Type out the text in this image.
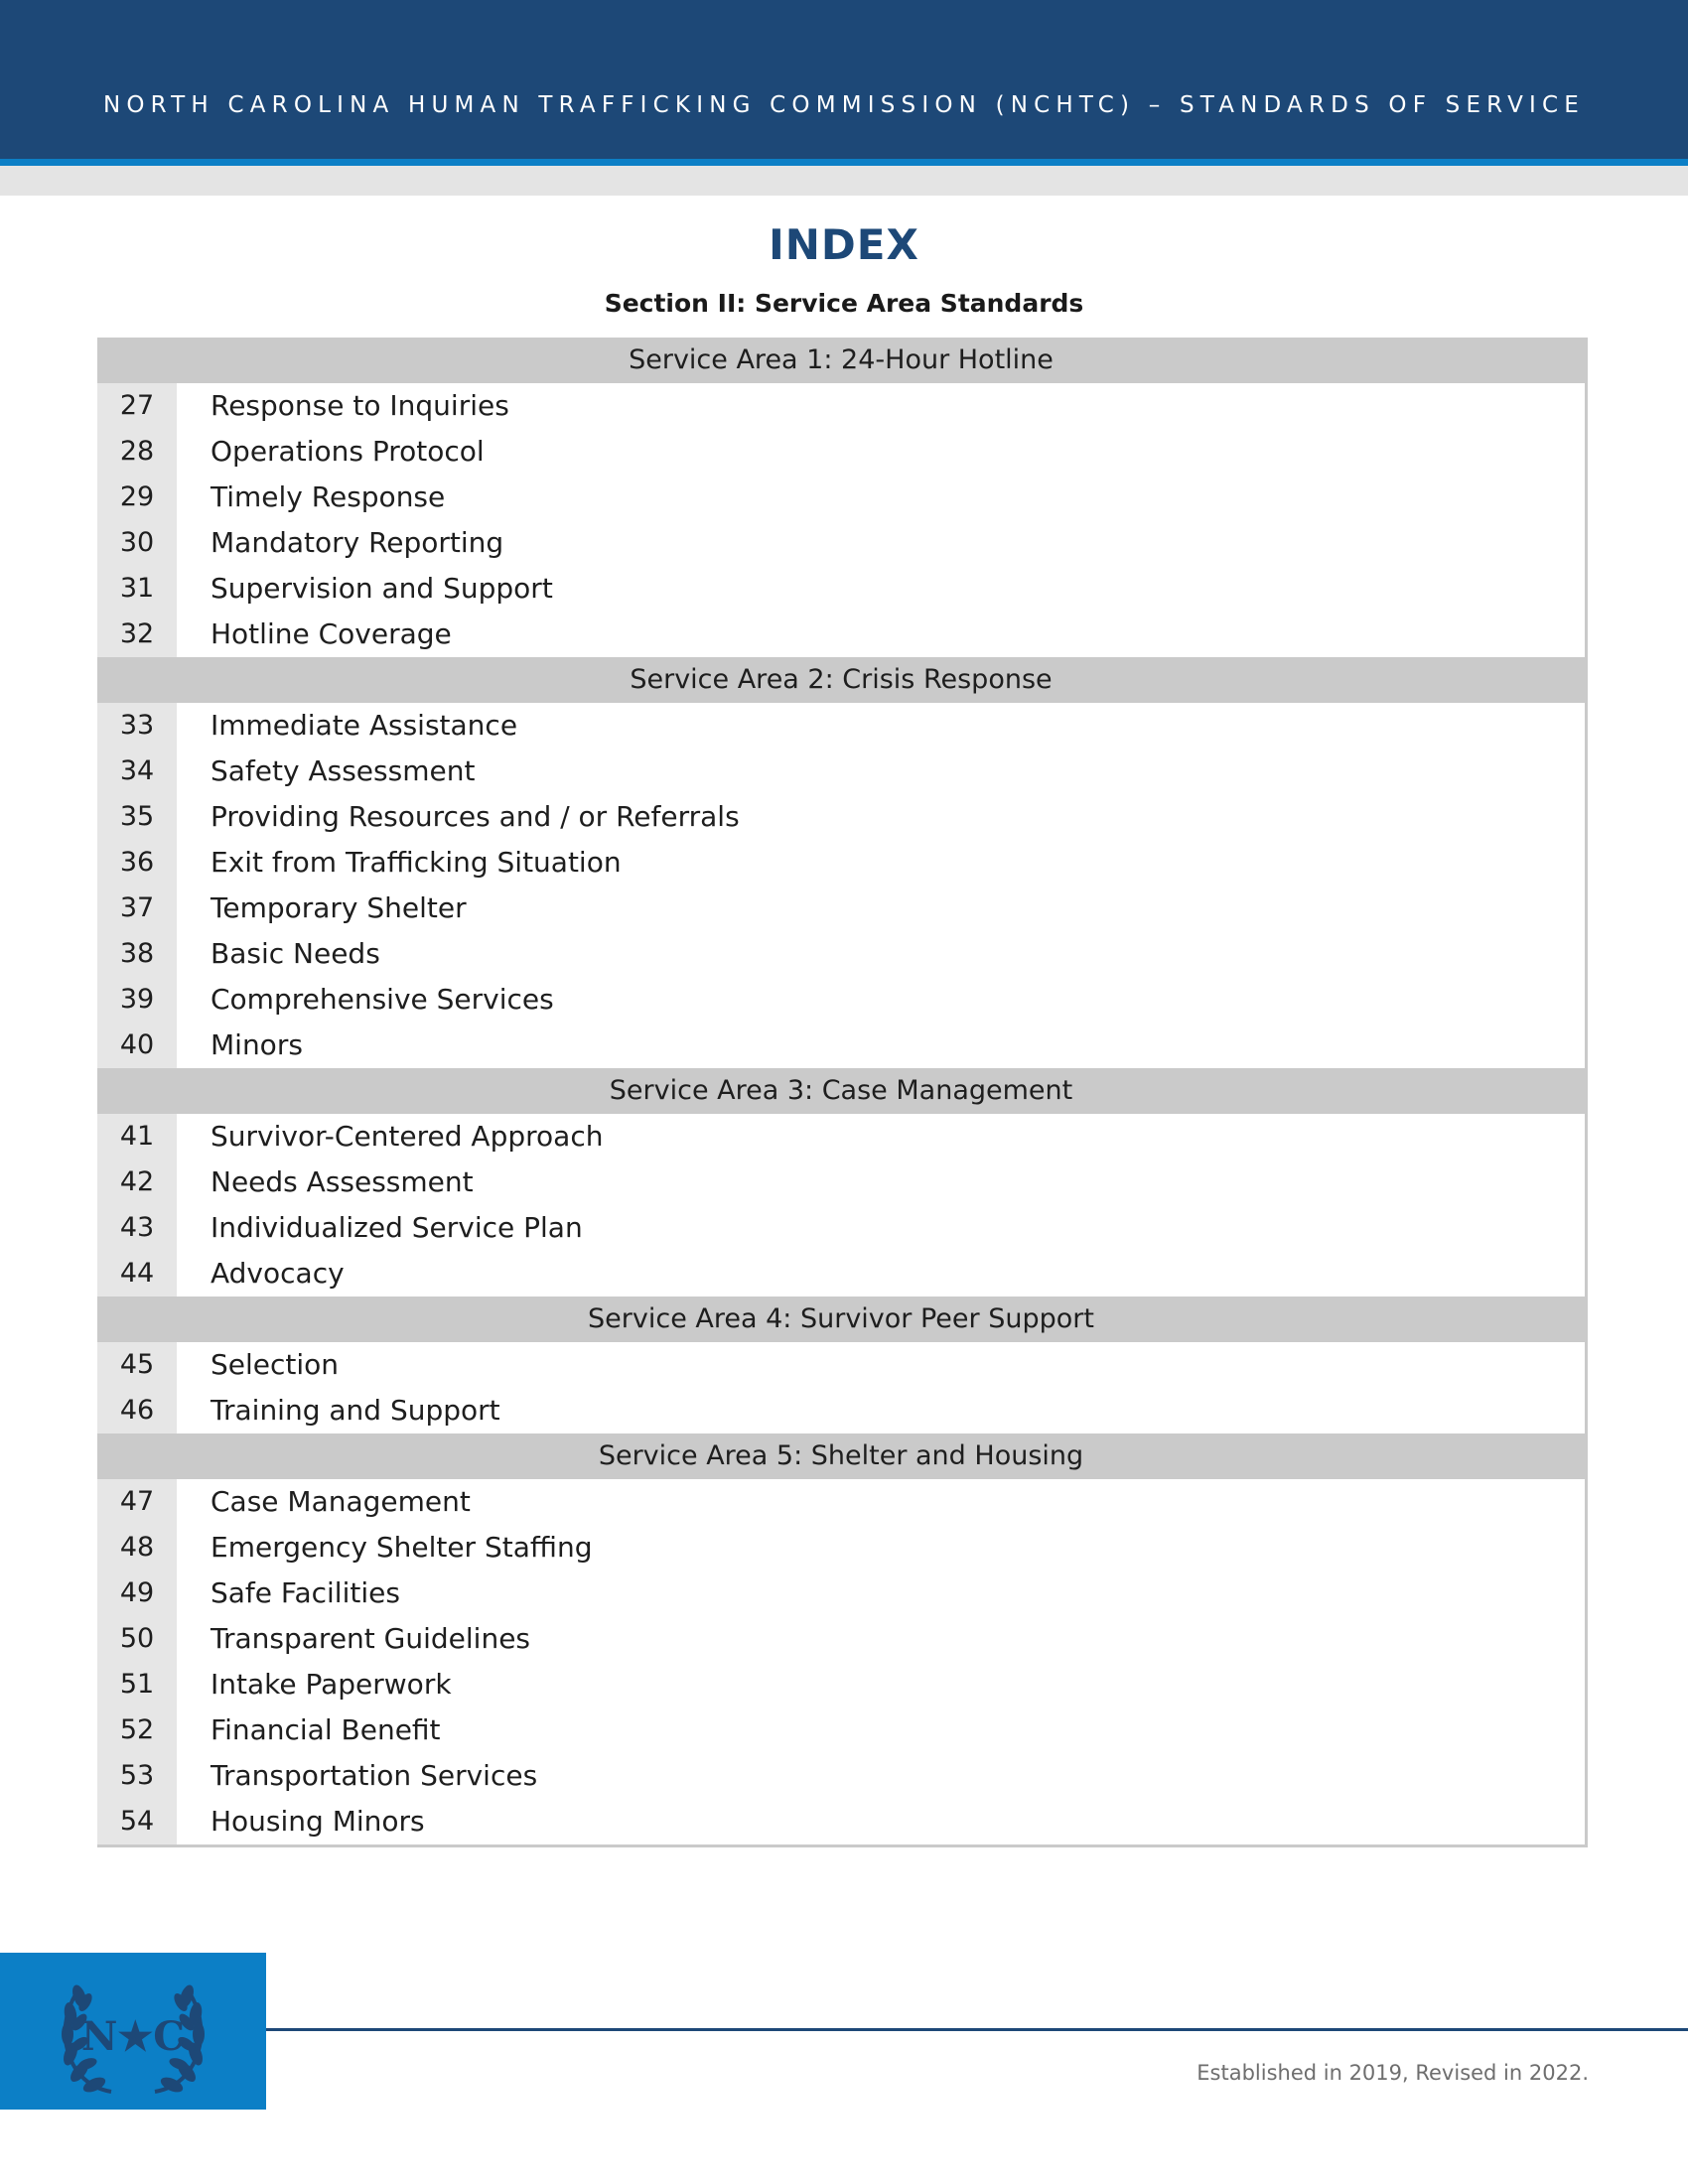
NORTH CAROLINA HUMAN TRAFFICKING COMMISSION (NCHTC) – STANDARDS OF SERVICE
INDEX
Section II: Service Area Standards
Service Area 1: 24-Hour Hotline
27	Response to Inquiries
28	Operations Protocol
29	Timely Response
30	Mandatory Reporting
31	Supervision and Support
32	Hotline Coverage
Service Area 2: Crisis Response
33	Immediate Assistance
34	Safety Assessment
35	Providing Resources and / or Referrals
36	Exit from Trafficking Situation
37	Temporary Shelter
38	Basic Needs
39	Comprehensive Services
40	Minors
Service Area 3: Case Management
41	Survivor-Centered Approach
42	Needs Assessment
43	Individualized Service Plan
44	Advocacy
Service Area 4: Survivor Peer Support
45	Selection
46	Training and Support
Service Area 5: Shelter and Housing
47	Case Management
48	Emergency Shelter Staffing
49	Safe Facilities
50	Transparent Guidelines
51	Intake Paperwork
52	Financial Benefit
53	Transportation Services
54	Housing Minors
N★C
Established in 2019, Revised in 2022.
